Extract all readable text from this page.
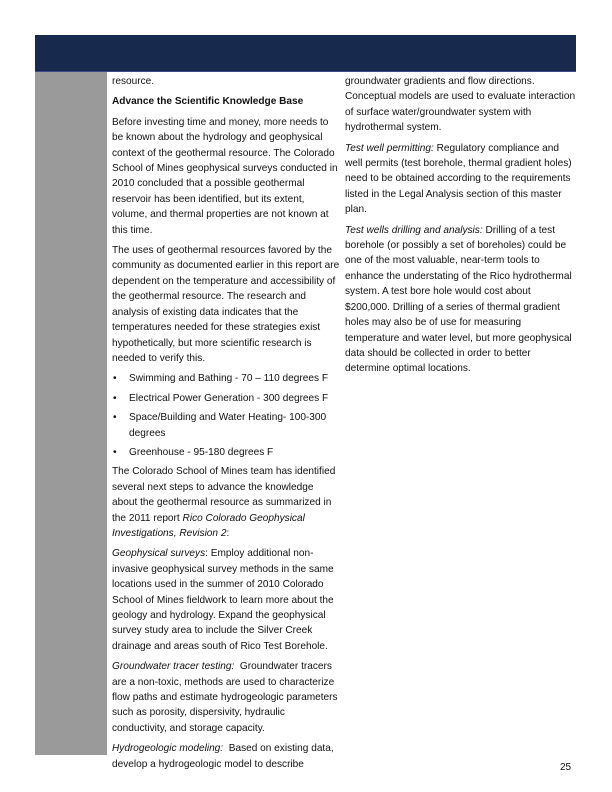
resource.

Advance the Scientific Knowledge Base

Before investing time and money, more needs to be known about the hydrology and geophysical context of the geothermal resource. The Colorado School of Mines geophysical surveys conducted in 2010 concluded that a possible geothermal reservoir has been identified, but its extent, volume, and thermal properties are not known at this time.

The uses of geothermal resources favored by the community as documented earlier in this report are dependent on the temperature and accessibility of the geothermal resource. The research and analysis of existing data indicates that the temperatures needed for these strategies exist hypothetically, but more scientific research is needed to verify this.

• Swimming and Bathing - 70 – 110 degrees F
• Electrical Power Generation - 300 degrees F
• Space/Building and Water Heating- 100-300 degrees
• Greenhouse - 95-180 degrees F

The Colorado School of Mines team has identified several next steps to advance the knowledge about the geothermal resource as summarized in the 2011 report Rico Colorado Geophysical Investigations, Revision 2:

Geophysical surveys: Employ additional non-invasive geophysical survey methods in the same locations used in the summer of 2010 Colorado School of Mines fieldwork to learn more about the geology and hydrology. Expand the geophysical survey study area to include the Silver Creek drainage and areas south of Rico Test Borehole.

Groundwater tracer testing: Groundwater tracers are a non-toxic, methods are used to characterize flow paths and estimate hydrogeologic parameters such as porosity, dispersivity, hydraulic conductivity, and storage capacity.

Hydrogeologic modeling: Based on existing data, develop a hydrogeologic model to describe

groundwater gradients and flow directions. Conceptual models are used to evaluate interaction of surface water/groundwater system with hydrothermal system.

Test well permitting: Regulatory compliance and well permits (test borehole, thermal gradient holes) need to be obtained according to the requirements listed in the Legal Analysis section of this master plan.

Test wells drilling and analysis: Drilling of a test borehole (or possibly a set of boreholes) could be one of the most valuable, near-term tools to enhance the understating of the Rico hydrothermal system. A test bore hole would cost about $200,000. Drilling of a series of thermal gradient holes may also be of use for measuring temperature and water level, but more geophysical data should be collected in order to better determine optimal locations.

25
